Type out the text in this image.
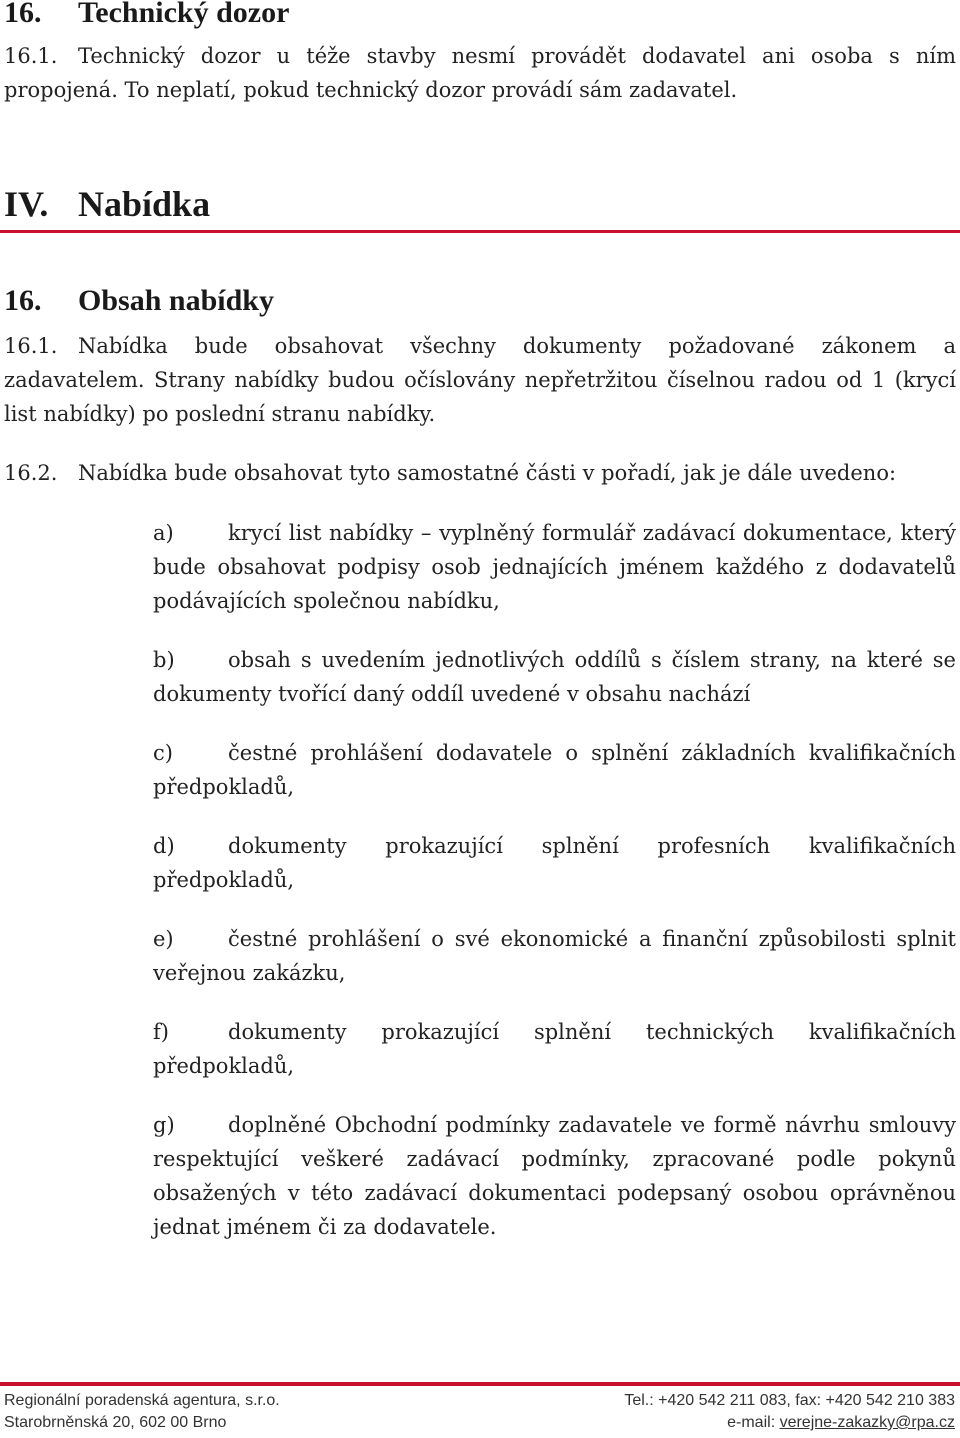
16. Technický dozor
16.1. Technický dozor u téže stavby nesmí provádět dodavatel ani osoba s ním propojená. To neplatí, pokud technický dozor provádí sám zadavatel.
IV. Nabídka
16. Obsah nabídky
16.1. Nabídka bude obsahovat všechny dokumenty požadované zákonem a zadavatelem. Strany nabídky budou očíslovány nepřetržitou číselnou radou od 1 (krycí list nabídky) po poslední stranu nabídky.
16.2. Nabídka bude obsahovat tyto samostatné části v pořadí, jak je dále uvedeno:
a)	krycí list nabídky – vyplněný formulář zadávací dokumentace, který bude obsahovat podpisy osob jednajících jménem každého z dodavatelů podávajících společnou nabídku,
b)	obsah s uvedením jednotlivých oddílů s číslem strany, na které se dokumenty tvořící daný oddíl uvedené v obsahu nachází
c)	čestné prohlášení dodavatele o splnění základních kvalifikačních předpokladů,
d)	dokumenty prokazující splnění profesních kvalifikačních předpokladů,
e)	čestné prohlášení o své ekonomické a finanční způsobilosti splnit veřejnou zakázku,
f)	dokumenty prokazující splnění technických kvalifikačních předpokladů,
g)	doplněné Obchodní podmínky zadavatele ve formě návrhu smlouvy respektující veškeré zadávací podmínky, zpracované podle pokynů obsažených v této zadávací dokumentaci podepsaný osobou oprávněnou jednat jménem či za dodavatele.
Regionální poradenská agentura, s.r.o.
Starobrněnská 20, 602 00 Brno
Tel.: +420 542 211 083, fax: +420 542 210 383
e-mail: verejne-zakazky@rpa.cz
